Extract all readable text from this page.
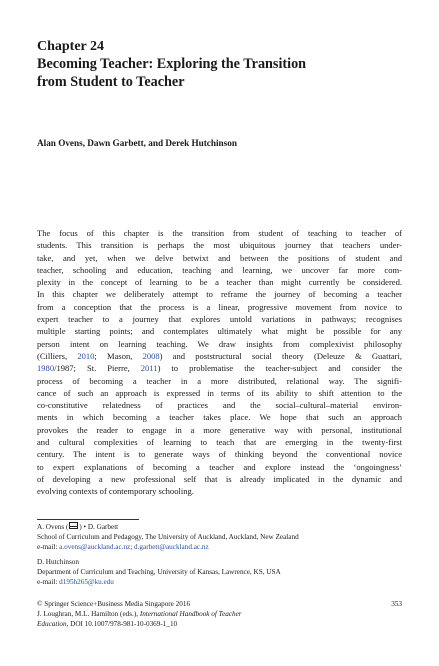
Chapter 24
Becoming Teacher: Exploring the Transition
from Student to Teacher
Alan Ovens, Dawn Garbett, and Derek Hutchinson
The focus of this chapter is the transition from student of teaching to teacher of
students. This transition is perhaps the most ubiquitous journey that teachers under-
take, and yet, when we delve betwixt and between the positions of student and
teacher, schooling and education, teaching and learning, we uncover far more com-
plexity in the concept of learning to be a teacher than might currently be considered.
In this chapter we deliberately attempt to reframe the journey of becoming a teacher
from a conception that the process is a linear, progressive movement from novice to
expert teacher to a journey that explores untold variations in pathways; recognises
multiple starting points; and contemplates ultimately what might be possible for any
person intent on learning teaching. We draw insights from complexivist philosophy
(Cilliers, 2010; Mason, 2008) and poststructural social theory (Deleuze & Guattari,
1980/1987; St. Pierre, 2011) to problematise the teacher-subject and consider the
process of becoming a teacher in a more distributed, relational way. The signifi-
cance of such an approach is expressed in terms of its ability to shift attention to the
co-constitutive relatedness of practices and the social–cultural–material environ-
ments in which becoming a teacher takes place. We hope that such an approach
provokes the reader to engage in a more generative way with personal, institutional
and cultural complexities of learning to teach that are emerging in the twenty-first
century. The intent is to generate ways of thinking beyond the conventional novice
to expert explanations of becoming a teacher and explore instead the ‘ongoingness’
of developing a new professional self that is already implicated in the dynamic and
evolving contexts of contemporary schooling.
A. Ovens ( ) • D. Garbett
School of Curriculum and Pedagogy, The University of Auckland, Auckland, New Zealand
e-mail: a.ovens@auckland.ac.nz; d.garbett@auckland.ac.nz
D. Hutchinson
Department of Curriculum and Teaching, University of Kansas, Lawrence, KS, USA
e-mail: d195h265@ku.edu
© Springer Science+Business Media Singapore 2016
J. Loughran, M.L. Hamilton (eds.), International Handbook of Teacher
Education, DOI 10.1007/978-981-10-0369-1_10
353
